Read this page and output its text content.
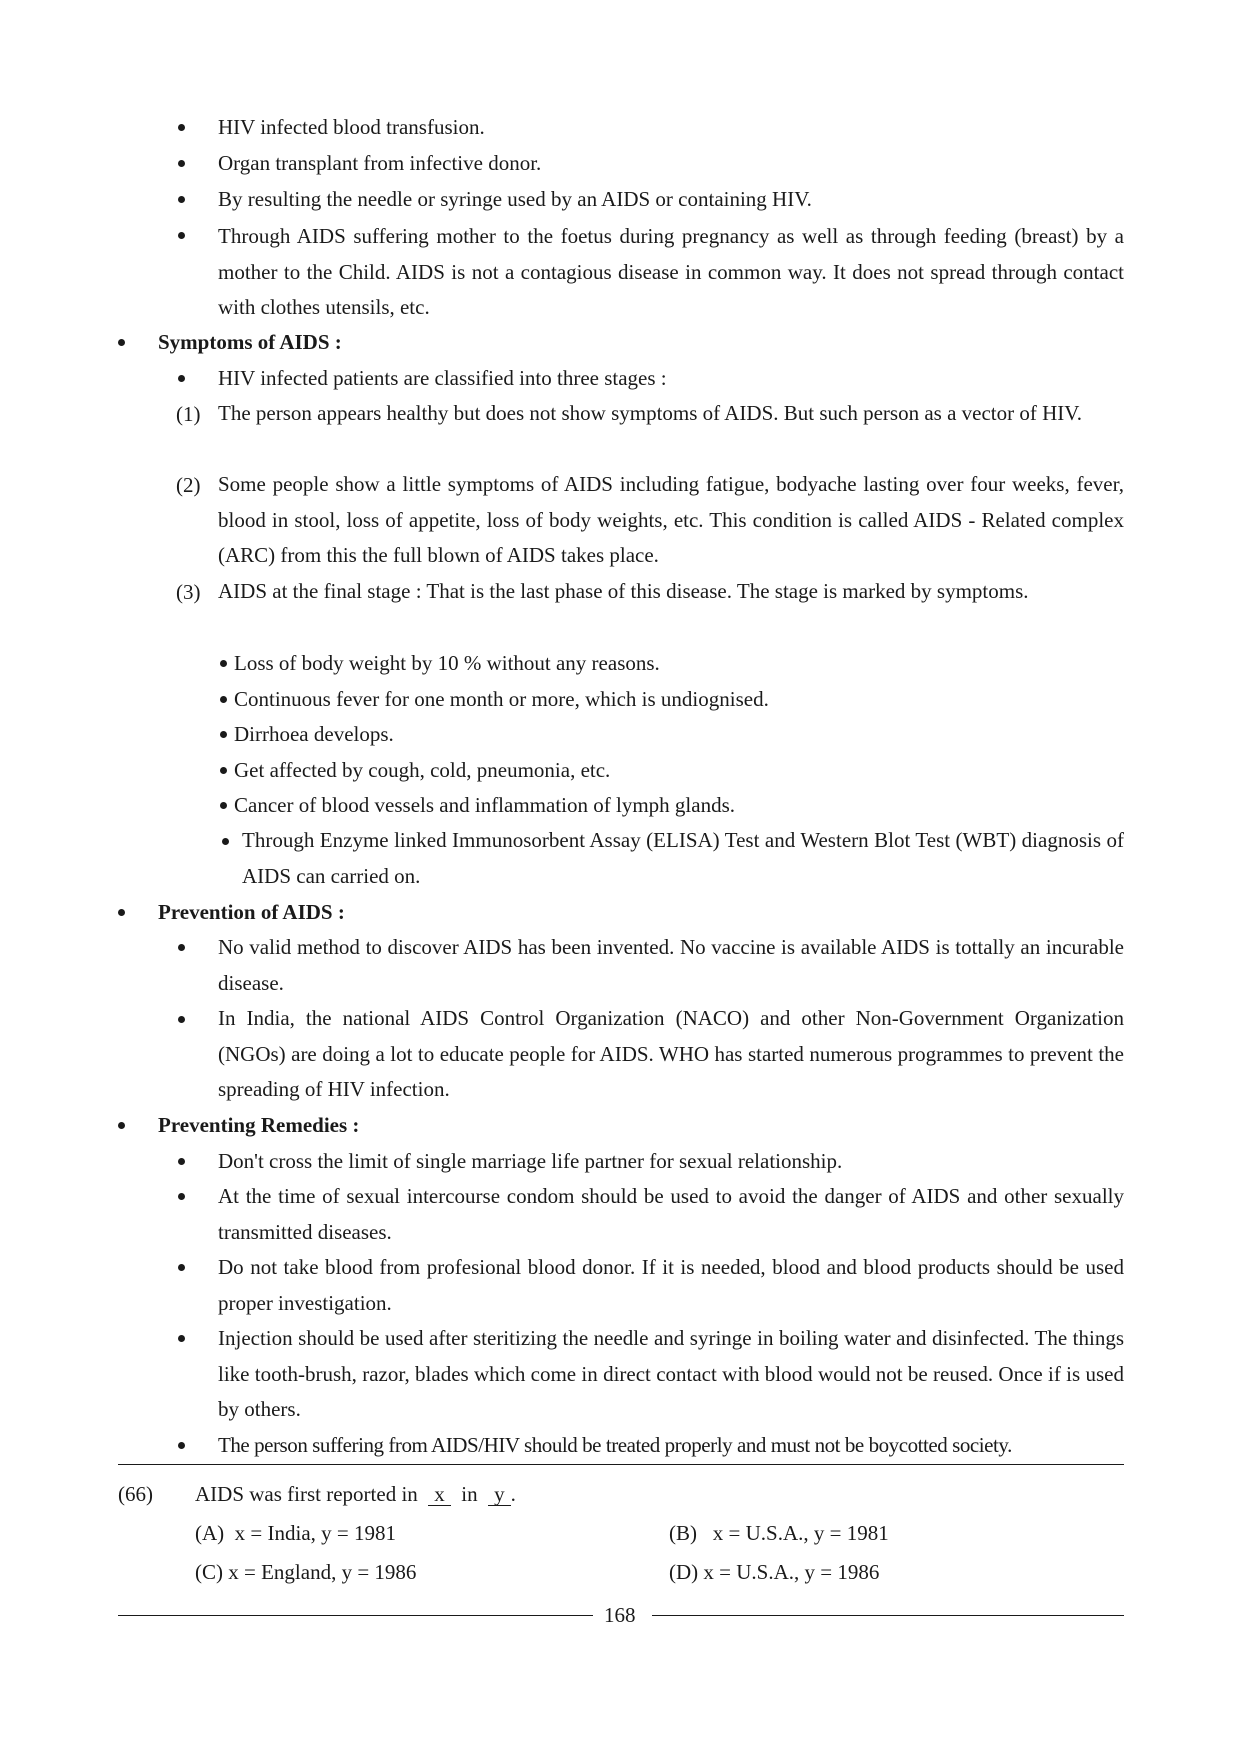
HIV infected blood transfusion.
Organ transplant from infective donor.
By resulting the needle or syringe used by an AIDS or containing HIV.
Through AIDS suffering mother to the foetus during pregnancy as well as through feeding (breast) by a mother to the Child. AIDS is not a contagious disease in common way. It does not spread through contact with clothes utensils, etc.
Symptoms of AIDS :
HIV infected patients are classified into three stages :
(1) The person appears healthy but does not show symptoms of AIDS. But such person as a vector of HIV.
(2) Some people show a little symptoms of AIDS including fatigue, bodyache lasting over four weeks, fever, blood in stool, loss of appetite, loss of body weights, etc. This condition is called AIDS - Related complex (ARC) from this the full blown of AIDS takes place.
(3) AIDS at the final stage : That is the last phase of this disease. The stage is marked by symptoms.
Loss of body weight by 10 % without any reasons.
Continuous fever for one month or more, which is undiognised.
Dirrhoea develops.
Get affected by cough, cold, pneumonia, etc.
Cancer of blood vessels and inflammation of lymph glands.
Through Enzyme linked Immunosorbent Assay (ELISA) Test and Western Blot Test (WBT) diagnosis of AIDS can carried on.
Prevention of AIDS :
No valid method to discover AIDS has been invented. No vaccine is available AIDS is tottally an incurable disease.
In India, the national AIDS Control Organization (NACO) and other Non-Government Organization (NGOs) are doing a lot to educate people for AIDS. WHO has started numerous programmes to prevent the spreading of HIV infection.
Preventing Remedies :
Don't cross the limit of single marriage life partner for sexual relationship.
At the time of sexual intercourse condom should be used to avoid the danger of AIDS and other sexually transmitted diseases.
Do not take blood from profesional blood donor. If it is needed, blood and blood products should be used proper investigation.
Injection should be used after steritizing the needle and syringe in boiling water and disinfected. The things like tooth-brush, razor, blades which come in direct contact with blood would not be reused. Once if is used by others.
The person suffering from AIDS/HIV should be treated properly and must not be boycotted society.
(66) AIDS was first reported in x in y .
(A) x = India, y = 1981	(B) x = U.S.A., y = 1981
(C) x = England, y = 1986	(D) x = U.S.A., y = 1986
168
